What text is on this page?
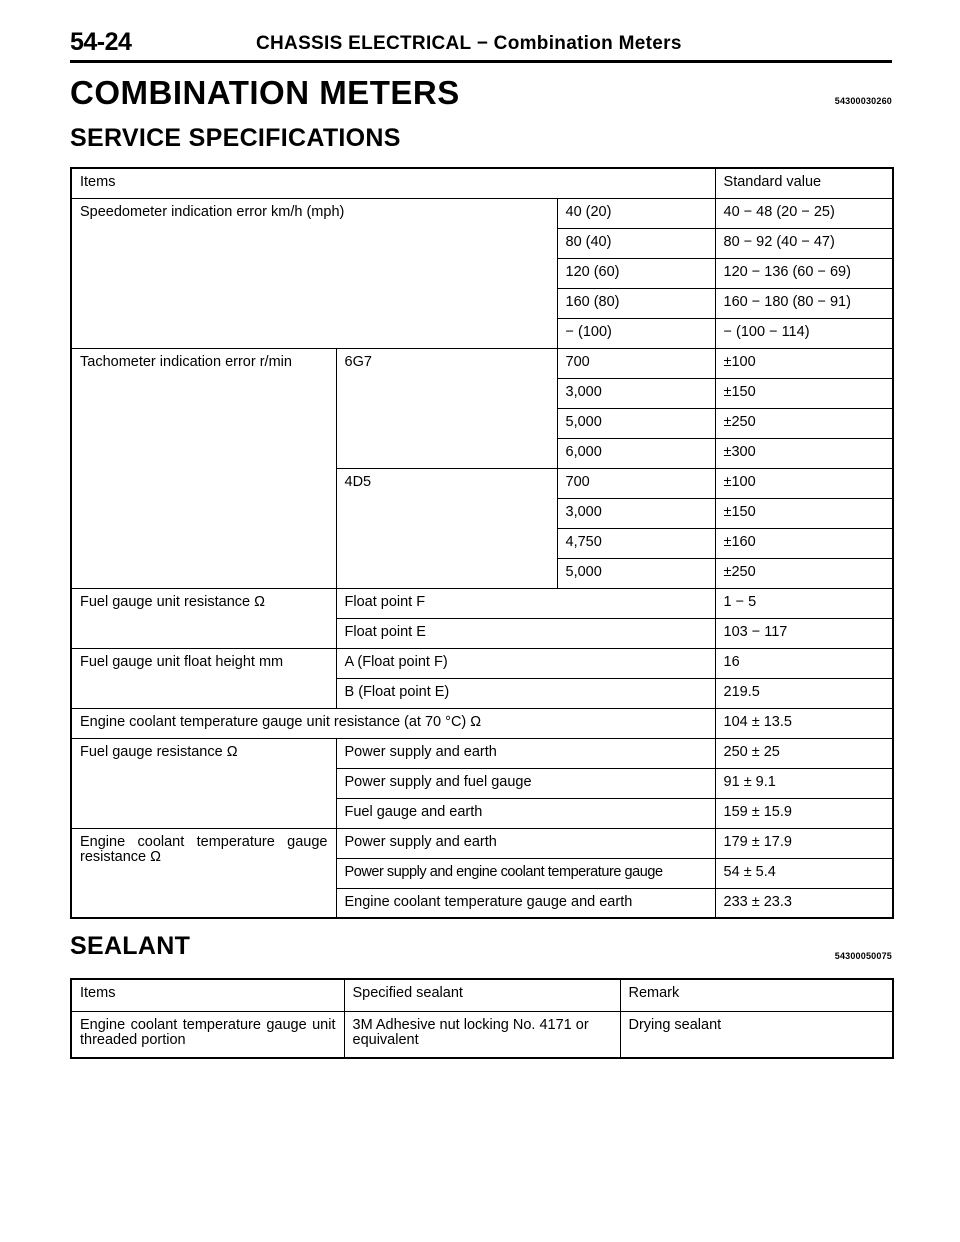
54-24	CHASSIS ELECTRICAL − Combination Meters
COMBINATION METERS	54300030260
SERVICE SPECIFICATIONS
Items			Standard value
Speedometer indication error km/h (mph)		40 (20)	40 − 48 (20 − 25)
		80 (40)	80 − 92 (40 − 47)
		120 (60)	120 − 136 (60 − 69)
		160 (80)	160 − 180 (80 − 91)
		− (100)	− (100 − 114)
Tachometer indication error r/min	6G7	700	±100
		3,000	±150
		5,000	±250
		6,000	±300
	4D5	700	±100
		3,000	±150
		4,750	±160
		5,000	±250
Fuel gauge unit resistance Ω	Float point F		1 − 5
	Float point E		103 − 117
Fuel gauge unit float height mm	A (Float point F)		16
	B (Float point E)		219.5
Engine coolant temperature gauge unit resistance (at 70 °C) Ω			104 ± 13.5
Fuel gauge resistance Ω	Power supply and earth		250 ± 25
	Power supply and fuel gauge		91 ± 9.1
	Fuel gauge and earth		159 ± 15.9
Engine coolant temperature gauge resistance Ω	Power supply and earth		179 ± 17.9
	Power supply and engine coolant temperature gauge		54 ± 5.4
	Engine coolant temperature gauge and earth		233 ± 23.3
SEALANT	54300050075
Items	Specified sealant	Remark
Engine coolant temperature gauge unit threaded portion	3M Adhesive nut locking No. 4171 or equivalent	Drying sealant
